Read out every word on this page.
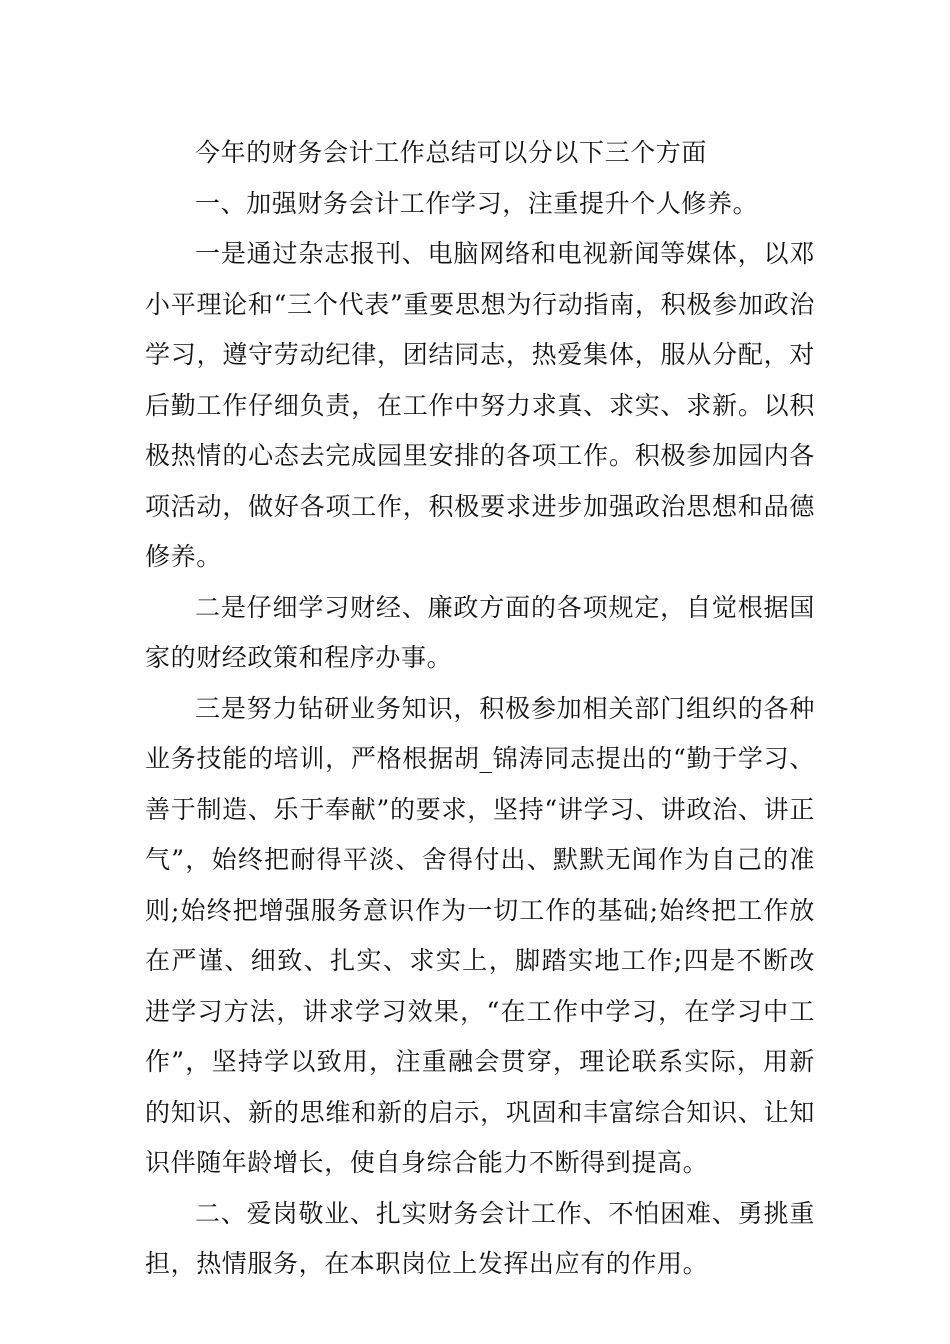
今年的财务会计工作总结可以分以下三个方面

一、加强财务会计工作学习，注重提升个人修养。

一是通过杂志报刊、电脑网络和电视新闻等媒体，以邓小平理论和“三个代表”重要思想为行动指南，积极参加政治学习，遵守劳动纪律，团结同志，热爱集体，服从分配，对后勤工作仔细负责，在工作中努力求真、求实、求新。以积极热情的心态去完成园里安排的各项工作。积极参加园内各项活动，做好各项工作，积极要求进步加强政治思想和品德修养。

二是仔细学习财经、廉政方面的各项规定，自觉根据国家的财经政策和程序办事。

三是努力钻研业务知识，积极参加相关部门组织的各种业务技能的培训，严格根据胡_锦涛同志提出的“勤于学习、善于制造、乐于奉献”的要求，坚持“讲学习、讲政治、讲正气”，始终把耐得平淡、舍得付出、默默无闻作为自己的准则;始终把增强服务意识作为一切工作的基础;始终把工作放在严谨、细致、扎实、求实上，脚踏实地工作;四是不断改进学习方法，讲求学习效果，“在工作中学习，在学习中工作”，坚持学以致用，注重融会贯穿，理论联系实际，用新的知识、新的思维和新的启示，巩固和丰富综合知识、让知识伴随年龄增长，使自身综合能力不断得到提高。

二、爱岗敬业、扎实财务会计工作、不怕困难、勇挑重担，热情服务，在本职岗位上发挥出应有的作用。
